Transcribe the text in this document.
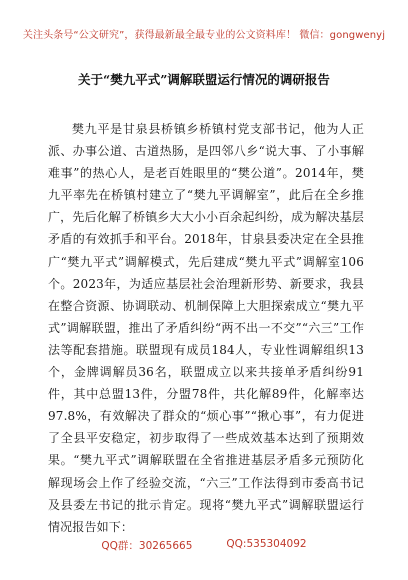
关注头条号“公文研究”，获得最新最全最专业的公文资料库！ 微信：gongwenyj
关于“樊九平式”调解联盟运行情况的调研报告

樊九平是甘泉县桥镇乡桥镇村党支部书记，他为人正派、办事公道、古道热肠，是四邻八乡“说大事、了小事解难事”的热心人，是老百姓眼里的“樊公道”。2014年，樊九平率先在桥镇村建立了“樊九平调解室”，此后在全乡推广，先后化解了桥镇乡大大小小百余起纠纷，成为解决基层矛盾的有效抓手和平台。2018年，甘泉县委决定在全县推广“樊九平式”调解模式，先后建成“樊九平式”调解室106个。2023年，为适应基层社会治理新形势、新要求，我县在整合资源、协调联动、机制保障上大胆探索成立“樊九平式”调解联盟，推出了矛盾纠纷“两不出一不交”“六三”工作法等配套措施。联盟现有成员184人，专业性调解组织13个，金牌调解员36名，联盟成立以来共接单矛盾纠纷91件，其中总盟13件，分盟78件，共化解89件，化解率达97.8%，有效解决了群众的“烦心事”“揪心事”，有力促进了全县平安稳定，初步取得了一些成效基本达到了预期效果。“樊九平式”调解联盟在全省推进基层矛盾多元预防化解现场会上作了经验交流，“六三”工作法得到市委高书记及县委左书记的批示肯定。现将“樊九平式”调解联盟运行情况报告如下：

QQ群：30265665	QQ:535304092
